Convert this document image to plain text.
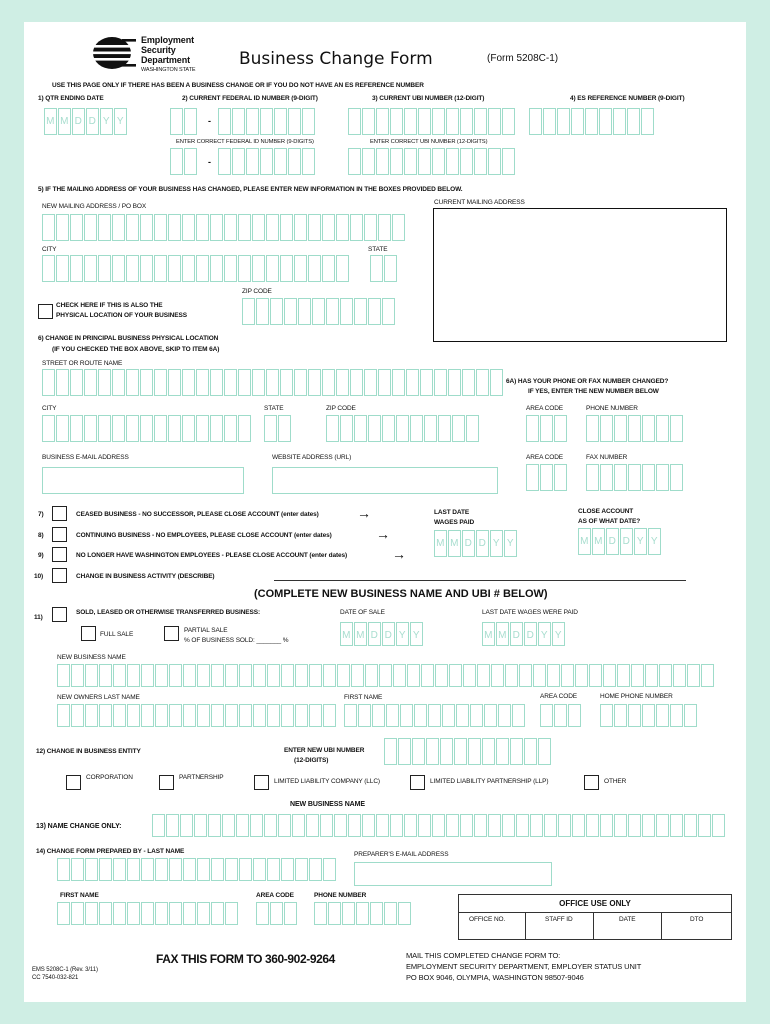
Employment
Security
Department
WASHINGTON STATE
Business Change Form	(Form 5208C-1)
USE THIS PAGE ONLY IF THERE HAS BEEN A BUSINESS CHANGE OR IF YOU DO NOT HAVE AN ES REFERENCE NUMBER
1) QTR ENDING DATE	2) CURRENT FEDERAL ID NUMBER (9-DIGIT)	3) CURRENT UBI NUMBER (12-DIGIT)	4) ES REFERENCE NUMBER (9-DIGIT)
M M D D Y Y	-
ENTER CORRECT FEDERAL ID NUMBER (9-DIGITS)	ENTER CORRECT UBI NUMBER (12-DIGITS)
-
5) IF THE MAILING ADDRESS OF YOUR BUSINESS HAS CHANGED, PLEASE ENTER NEW INFORMATION IN THE BOXES PROVIDED BELOW.
NEW MAILING ADDRESS / PO BOX
CURRENT MAILING ADDRESS
CITY	STATE
ZIP CODE
CHECK HERE IF THIS IS ALSO THE
PHYSICAL LOCATION OF YOUR BUSINESS
6) CHANGE IN PRINCIPAL BUSINESS PHYSICAL LOCATION
(IF YOU CHECKED THE BOX ABOVE, SKIP TO ITEM 6A)
STREET OR ROUTE NAME
6A) HAS YOUR PHONE OR FAX NUMBER CHANGED?
IF YES, ENTER THE NEW NUMBER BELOW
CITY	STATE	ZIP CODE	AREA CODE	PHONE NUMBER
BUSINESS E-MAIL ADDRESS	WEBSITE ADDRESS (URL)	AREA CODE	FAX NUMBER
7)	CEASED BUSINESS - NO SUCCESSOR, PLEASE CLOSE ACCOUNT (enter dates)	→
8)	CONTINUING BUSINESS - NO EMPLOYEES, PLEASE CLOSE ACCOUNT (enter dates)	→
9)	NO LONGER HAVE WASHINGTON EMPLOYEES - PLEASE CLOSE ACCOUNT (enter dates)	→
LAST DATE
WAGES PAID
CLOSE ACCOUNT
AS OF WHAT DATE?
M M D D Y Y	M M D D Y Y
10)	CHANGE IN BUSINESS ACTIVITY (DESCRIBE)
(COMPLETE NEW BUSINESS NAME AND UBI # BELOW)
11)
SOLD, LEASED OR OTHERWISE TRANSFERRED BUSINESS:	DATE OF SALE	LAST DATE WAGES WERE PAID
FULL SALE
PARTIAL SALE
% OF BUSINESS SOLD: _______ %	M M D D Y Y	M M D D Y Y
NEW BUSINESS NAME
NEW OWNERS LAST NAME	FIRST NAME	AREA CODE	HOME PHONE NUMBER
12) CHANGE IN BUSINESS ENTITY	ENTER NEW UBI NUMBER
(12-DIGITS)
CORPORATION	PARTNERSHIP
LIMITED LIABILITY COMPANY (LLC)	LIMITED LIABILITY PARTNERSHIP (LLP)	OTHER
NEW BUSINESS NAME
13) NAME CHANGE ONLY:
14) CHANGE FORM PREPARED BY - LAST NAME	PREPARER'S E-MAIL ADDRESS
FIRST NAME	AREA CODE	PHONE NUMBER
OFFICE USE ONLY
OFFICE NO.	STAFF ID	DATE	DTO
FAX THIS FORM TO 360-902-9264	MAIL THIS COMPLETED CHANGE FORM TO:
EMPLOYMENT SECURITY DEPARTMENT, EMPLOYER STATUS UNIT
PO BOX 9046, OLYMPIA, WASHINGTON 98507-9046
EMS 5208C-1 (Rev. 3/11)
CC 7540-032-821
